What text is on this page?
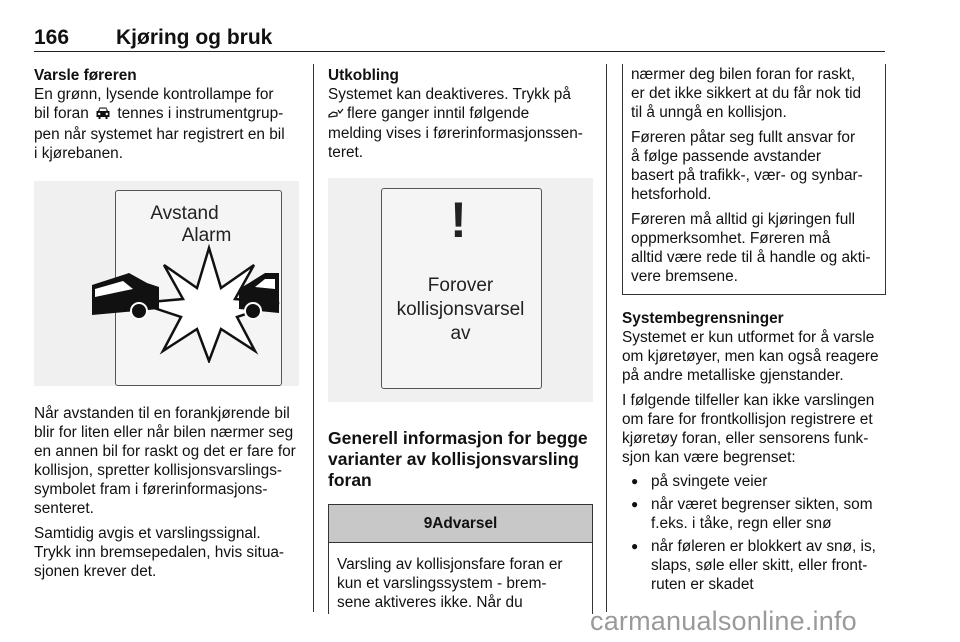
166 Kjøring og bruk
Varsle føreren

En grønn, lysende kontrollampe for
bil foran tennes i instrumentgrup-
pen når systemet har registrert en bil
i kjørebanen.

Avstand
Alarm

Når avstanden til en forankjørende bil
blir for liten eller når bilen nærmer seg
en annen bil for raskt og det er fare for
kollisjon, spretter kollisjonsvarslings-
symbolet fram i førerinformasjons-
senteret.

Samtidig avgis et varslingssignal.
Trykk inn bremsepedalen, hvis situa-
sjonen krever det.

Utkobling

Systemet kan deaktiveres. Trykk på
flere ganger inntil følgende
melding vises i førerinformasjonssen-
teret.

!
Forover
kollisjonsvarsel
av
Generell informasjon for begge
varianter av kollisjonsvarsling
foran
9Advarsel
Varsling av kollisjonsfare foran er
kun et varslingssystem - brem-
sene aktiveres ikke. Når du

nærmer deg bilen foran for raskt,
er det ikke sikkert at du får nok tid
til å unngå en kollisjon.

Føreren påtar seg fullt ansvar for
å følge passende avstander
basert på trafikk-, vær- og synbar-
hetsforhold.

Føreren må alltid gi kjøringen full
oppmerksomhet. Føreren må
alltid være rede til å handle og akti-
vere bremsene.

Systembegrensninger

Systemet er kun utformet for å varsle
om kjøretøyer, men kan også reagere
på andre metalliske gjenstander.

I følgende tilfeller kan ikke varslingen
om fare for frontkollisjon registrere et
kjøretøy foran, eller sensorens funk-
sjon kan være begrenset:

● på svingete veier
● når været begrenser sikten, som
f.eks. i tåke, regn eller snø
● når føleren er blokkert av snø, is,
slaps, søle eller skitt, eller front-
ruten er skadet
carmanualsonline.info
